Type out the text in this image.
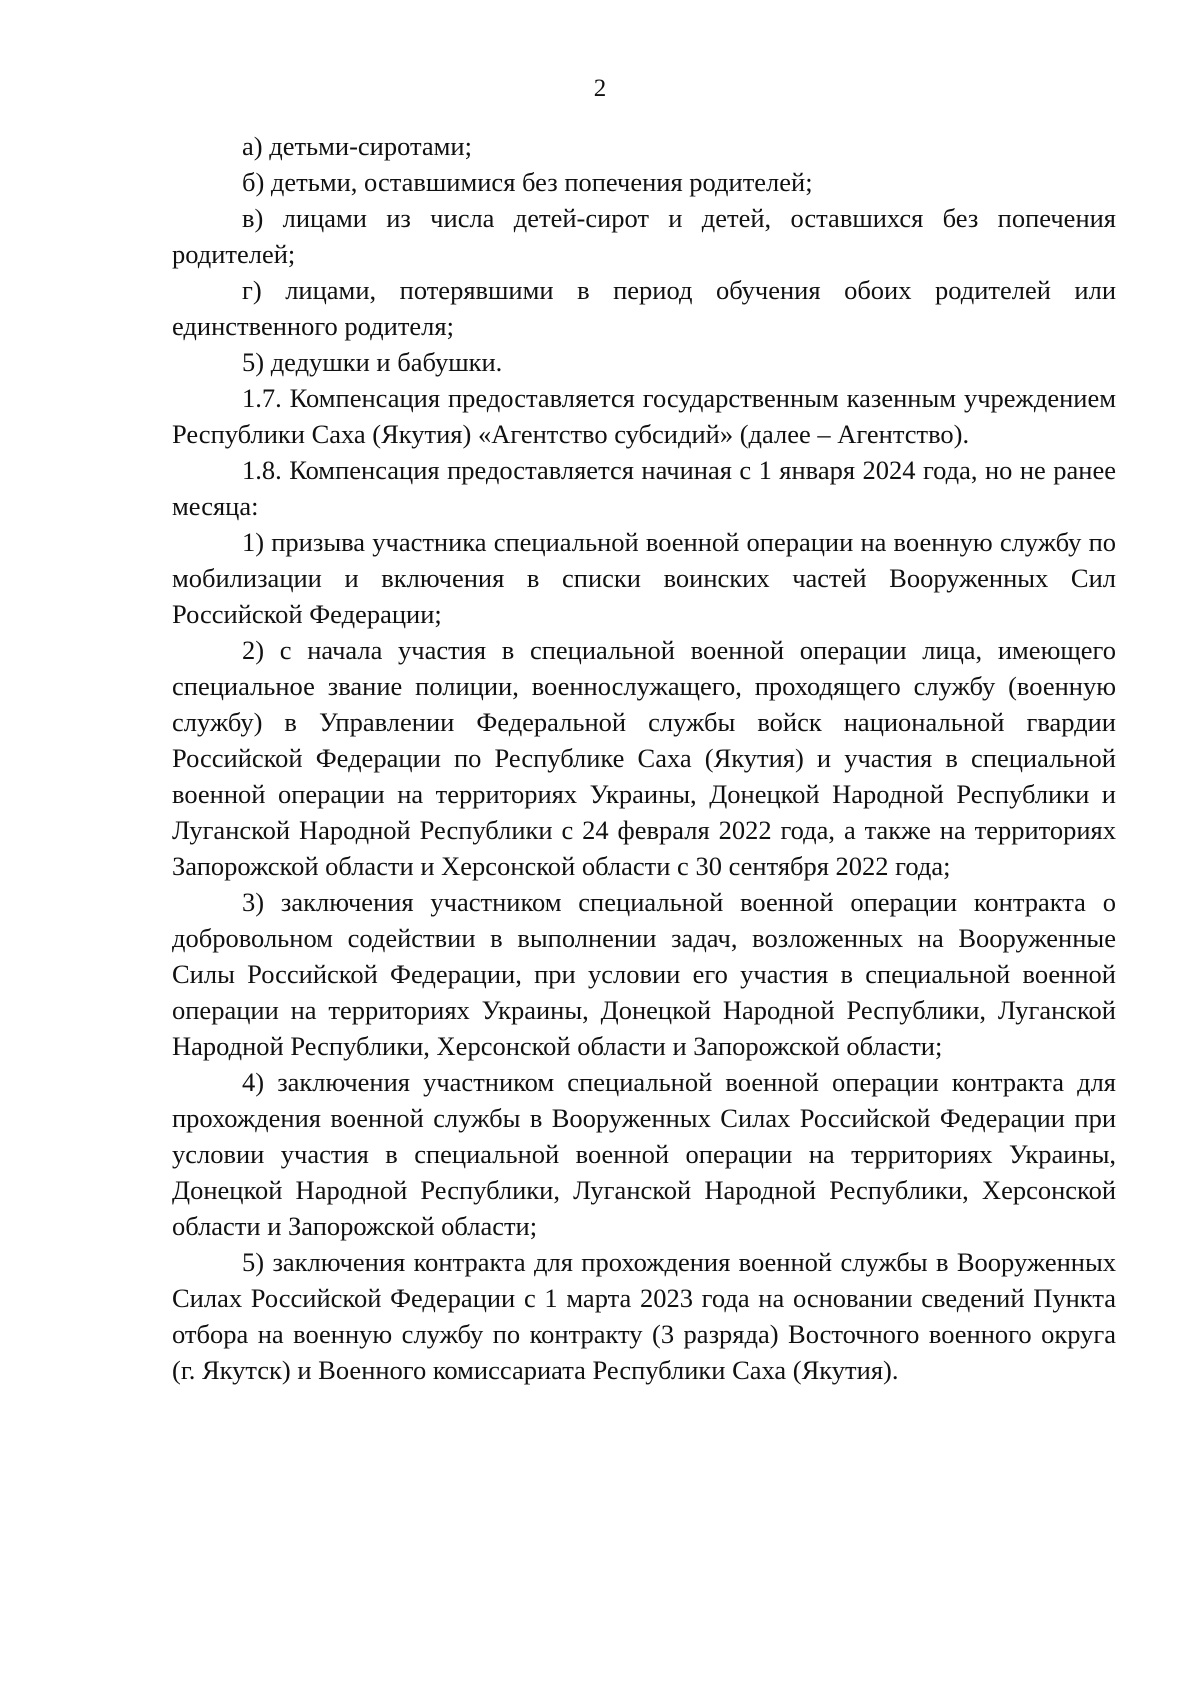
2

а) детьми-сиротами;

б) детьми, оставшимися без попечения родителей;

в) лицами из числа детей-сирот и детей, оставшихся без попечения родителей;

г) лицами, потерявшими в период обучения обоих родителей или единственного родителя;

5) дедушки и бабушки.

1.7. Компенсация предоставляется государственным казенным учреждением Республики Саха (Якутия) «Агентство субсидий» (далее – Агентство).

1.8. Компенсация предоставляется начиная с 1 января 2024 года, но не ранее месяца:

1) призыва участника специальной военной операции на военную службу по мобилизации и включения в списки воинских частей Вооруженных Сил Российской Федерации;

2) с начала участия в специальной военной операции лица, имеющего специальное звание полиции, военнослужащего, проходящего службу (военную службу) в Управлении Федеральной службы войск национальной гвардии Российской Федерации по Республике Саха (Якутия) и участия в специальной военной операции на территориях Украины, Донецкой Народной Республики и Луганской Народной Республики с 24 февраля 2022 года, а также на территориях Запорожской области и Херсонской области с 30 сентября 2022 года;

3) заключения участником специальной военной операции контракта о добровольном содействии в выполнении задач, возложенных на Вооруженные Силы Российской Федерации, при условии его участия в специальной военной операции на территориях Украины, Донецкой Народной Республики, Луганской Народной Республики, Херсонской области и Запорожской области;

4) заключения участником специальной военной операции контракта для прохождения военной службы в Вооруженных Силах Российской Федерации при условии участия в специальной военной операции на территориях Украины, Донецкой Народной Республики, Луганской Народной Республики, Херсонской области и Запорожской области;

5) заключения контракта для прохождения военной службы в Вооруженных Силах Российской Федерации с 1 марта 2023 года на основании сведений Пункта отбора на военную службу по контракту (3 разряда) Восточного военного округа (г. Якутск) и Военного комиссариата Республики Саха (Якутия).
